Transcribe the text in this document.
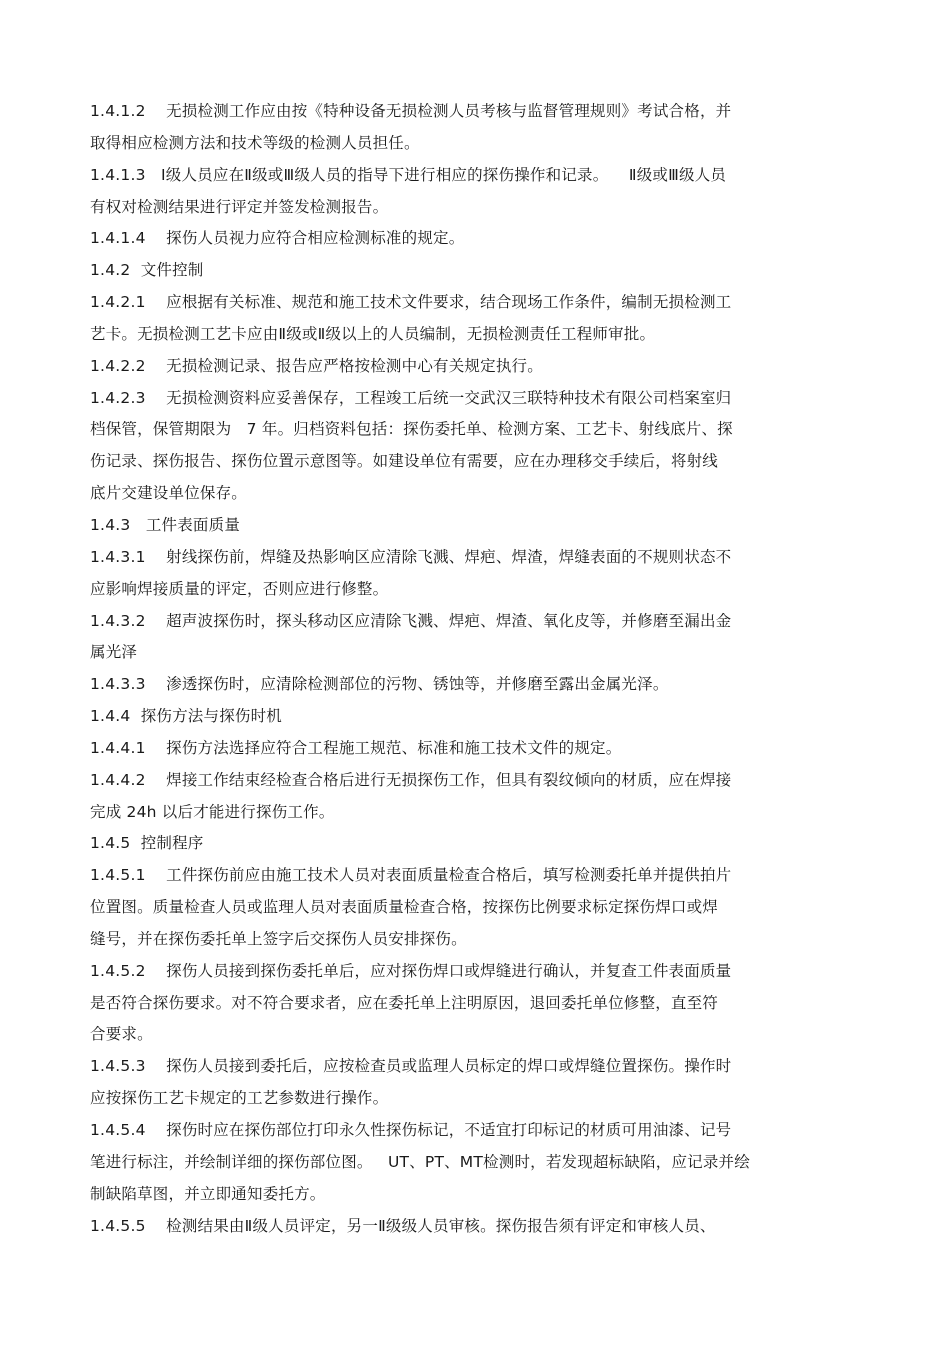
1.4.1.2    无损检测工作应由按《特种设备无损检测人员考核与监督管理规则》考试合格，并
取得相应检测方法和技术等级的检测人员担任。
1.4.1.3   Ⅰ级人员应在Ⅱ级或Ⅲ级人员的指导下进行相应的探伤操作和记录。    Ⅱ级或Ⅲ级人员
有权对检测结果进行评定并签发检测报告。
1.4.1.4    探伤人员视力应符合相应检测标准的规定。
1.4.2  文件控制
1.4.2.1    应根据有关标准、规范和施工技术文件要求，结合现场工作条件，编制无损检测工
艺卡。无损检测工艺卡应由Ⅱ级或Ⅱ级以上的人员编制，无损检测责任工程师审批。
1.4.2.2    无损检测记录、报告应严格按检测中心有关规定执行。
1.4.2.3    无损检测资料应妥善保存，工程竣工后统一交武汉三联特种技术有限公司档案室归
档保管，保管期限为   7 年。归档资料包括：探伤委托单、检测方案、工艺卡、射线底片、探
伤记录、探伤报告、探伤位置示意图等。如建设单位有需要，应在办理移交手续后，将射线
底片交建设单位保存。
1.4.3   工件表面质量
1.4.3.1    射线探伤前，焊缝及热影响区应清除飞溅、焊疤、焊渣，焊缝表面的不规则状态不
应影响焊接质量的评定，否则应进行修整。
1.4.3.2    超声波探伤时，探头移动区应清除飞溅、焊疤、焊渣、氧化皮等，并修磨至漏出金
属光泽
1.4.3.3    渗透探伤时，应清除检测部位的污物、锈蚀等，并修磨至露出金属光泽。
1.4.4  探伤方法与探伤时机
1.4.4.1    探伤方法选择应符合工程施工规范、标准和施工技术文件的规定。
1.4.4.2    焊接工作结束经检查合格后进行无损探伤工作，但具有裂纹倾向的材质，应在焊接
完成 24h 以后才能进行探伤工作。
1.4.5  控制程序
1.4.5.1    工件探伤前应由施工技术人员对表面质量检查合格后，填写检测委托单并提供拍片
位置图。质量检查人员或监理人员对表面质量检查合格，按探伤比例要求标定探伤焊口或焊
缝号，并在探伤委托单上签字后交探伤人员安排探伤。
1.4.5.2    探伤人员接到探伤委托单后，应对探伤焊口或焊缝进行确认，并复查工件表面质量
是否符合探伤要求。对不符合要求者，应在委托单上注明原因，退回委托单位修整，直至符
合要求。
1.4.5.3    探伤人员接到委托后，应按检查员或监理人员标定的焊口或焊缝位置探伤。操作时
应按探伤工艺卡规定的工艺参数进行操作。
1.4.5.4    探伤时应在探伤部位打印永久性探伤标记，不适宜打印标记的材质可用油漆、记号
笔进行标注，并绘制详细的探伤部位图。   UT、PT、MT检测时，若发现超标缺陷，应记录并绘
制缺陷草图，并立即通知委托方。
1.4.5.5    检测结果由Ⅱ级人员评定，另一Ⅱ级级人员审核。探伤报告须有评定和审核人员、
